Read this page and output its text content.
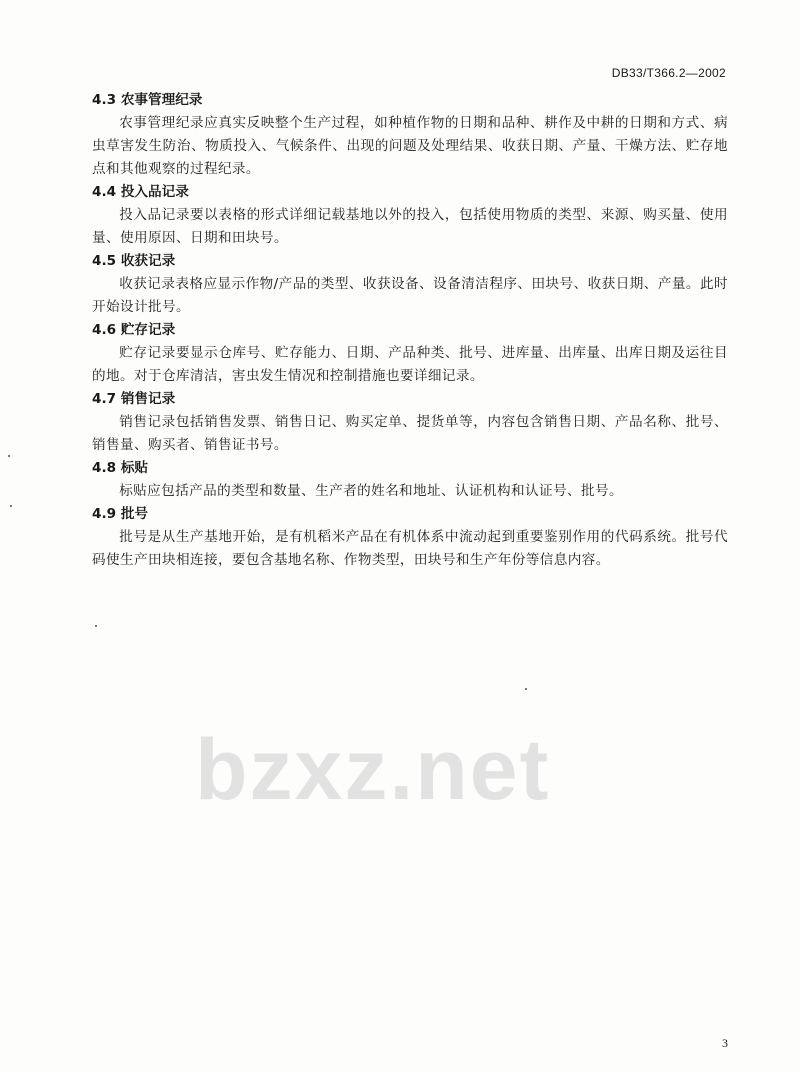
bzxz.net
DB33/T366.2—2002

4.3 农事管理纪录

农事管理纪录应真实反映整个生产过程，如种植作物的日期和品种、耕作及中耕的日期和方式、病虫草害发生防治、物质投入、气候条件、出现的问题及处理结果、收获日期、产量、干燥方法、贮存地点和其他观察的过程纪录。

4.4 投入品记录

投入品记录要以表格的形式详细记载基地以外的投入，包括使用物质的类型、来源、购买量、使用量、使用原因、日期和田块号。

4.5 收获记录

收获记录表格应显示作物/产品的类型、收获设备、设备清洁程序、田块号、收获日期、产量。此时开始设计批号。

4.6 贮存记录

贮存记录要显示仓库号、贮存能力、日期、产品种类、批号、进库量、出库量、出库日期及运往目的地。对于仓库清洁，害虫发生情况和控制措施也要详细记录。

4.7 销售记录

销售记录包括销售发票、销售日记、购买定单、提货单等，内容包含销售日期、产品名称、批号、销售量、购买者、销售证书号。

4.8 标贴

标贴应包括产品的类型和数量、生产者的姓名和地址、认证机构和认证号、批号。

4.9 批号

批号是从生产基地开始，是有机稻米产品在有机体系中流动起到重要鉴别作用的代码系统。批号代码使生产田块相连接，要包含基地名称、作物类型，田块号和生产年份等信息内容。

3
